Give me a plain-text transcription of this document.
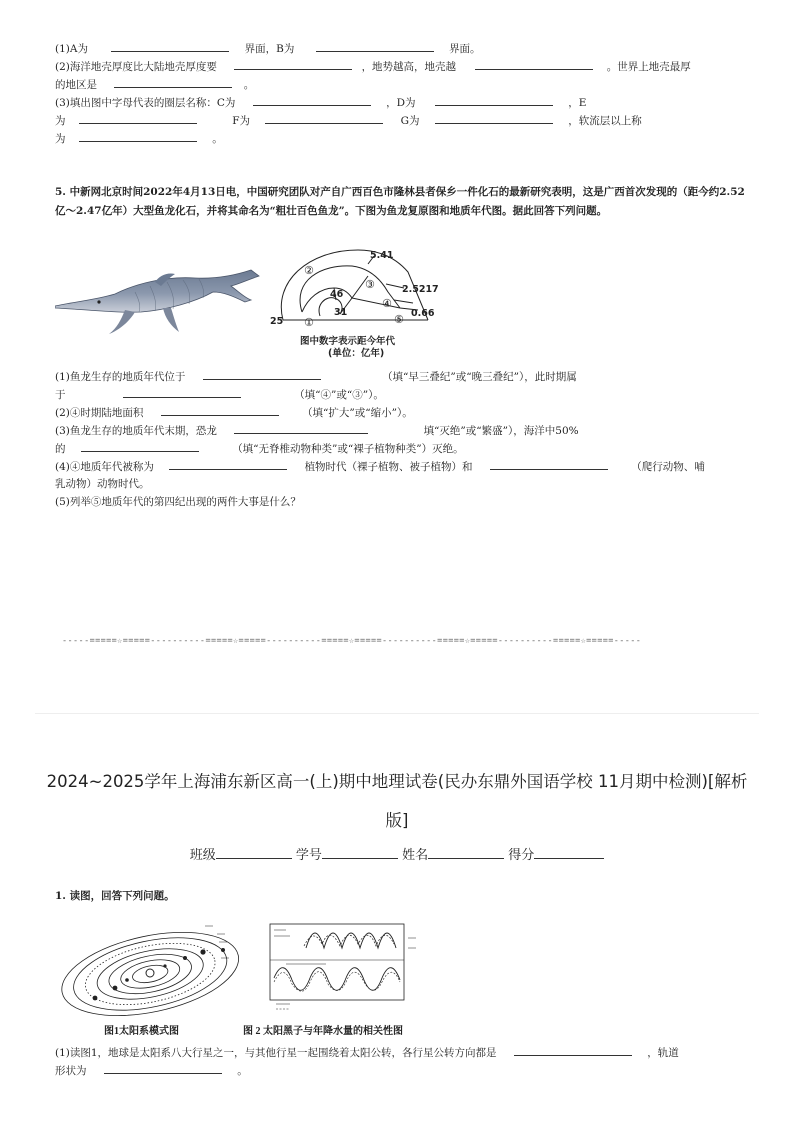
(1)A为	界面，B为	界面。
(2)海洋地壳厚度比大陆地壳厚度要	，地势越高，地壳越	。世界上地壳最厚
的地区是	。
(3)填出图中字母代表的圈层名称：C为	，D为	，E
为	F为	G为	，软流层以上称
为	。
5. 中新网北京时间2022年4月13日电，中国研究团队对产自广西百色市隆林县者保乡一件化石的最新研究表明，这是广西首次发现的（距今约2.52亿～2.47亿年）大型鱼龙化石，并将其命名为“粗壮百色鱼龙”。下图为鱼龙复原图和地质年代图。据此回答下列问题。
②
③
④
⑤
①
5.41
2.5217
0.66
46
31
25
图中数字表示距今年代
(单位：亿年)
(1)鱼龙生存的地质年代位于	（填“早三叠纪”或“晚三叠纪”），此时期属
于	（填“④”或“③”）。
(2)④时期陆地面积	（填“扩大”或“缩小”）。
(3)鱼龙生存的地质年代末期，恐龙	填“灭绝”或“繁盛”），海洋中50%
的	（填“无脊椎动物种类”或“裸子植物种类”）灭绝。
(4)④地质年代被称为	植物时代（裸子植物、被子植物）和	（爬行动物、哺
乳动物）动物时代。
(5)列举⑤地质年代的第四纪出现的两件大事是什么？
-----=====☆=====----------=====☆=====----------=====☆=====----------=====☆=====----------=====☆=====-----
2024~2025学年上海浦东新区高一(上)期中地理试卷(民办东鼎外国语学校 11月期中检测)[解析
版]
班级	学号	姓名	得分
1. 读图，回答下列问题。
图1太阳系模式图	图 2 太阳黑子与年降水量的相关性图
(1)读图1，地球是太阳系八大行星之一，与其他行星一起围绕着太阳公转，各行星公转方向都是	，轨道
形状为	。
